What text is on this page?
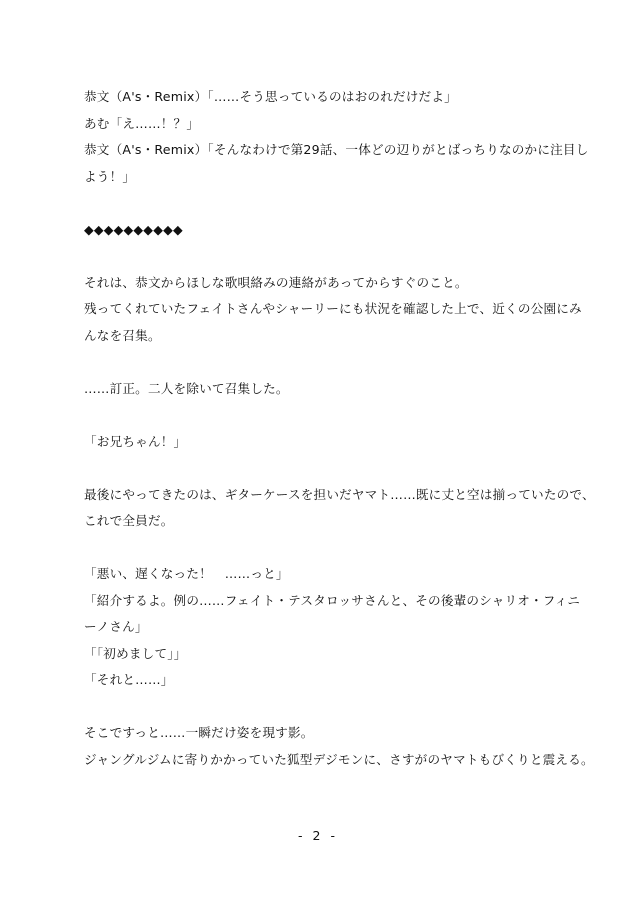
恭文（A's・Remix）「……そう思っているのはおのれだけだよ」
あむ「え……！？」
恭文（A's・Remix）「そんなわけで第29話、一体どの辺りがとばっちりなのかに注目し
よう！」
◆◆◆◆◆◆◆◆◆◆
それは、恭文からほしな歌唄絡みの連絡があってからすぐのこと。
残ってくれていたフェイトさんやシャーリーにも状況を確認した上で、近くの公園にみ
んなを召集。
……訂正。二人を除いて召集した。
「お兄ちゃん！」
最後にやってきたのは、ギターケースを担いだヤマト……既に丈と空は揃っていたので、
これで全員だ。
「悪い、遅くなった！　……っと」
「紹介するよ。例の……フェイト・テスタロッサさんと、その後輩のシャリオ・フィニ
ーノさん」
「「初めまして」」
「それと……」
そこですっと……一瞬だけ姿を現す影。
ジャングルジムに寄りかかっていた狐型デジモンに、さすがのヤマトもびくりと震える。
- 2 -
